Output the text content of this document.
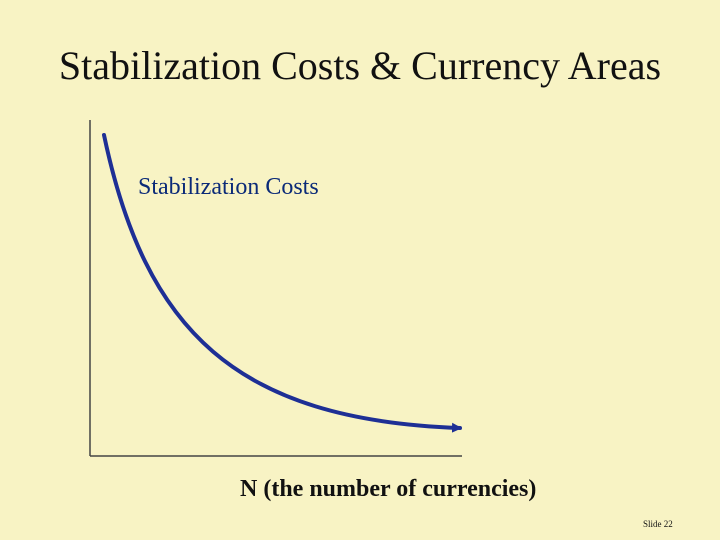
Stabilization Costs & Currency Areas
Stabilization Costs
N (the number of currencies)
Slide 22
